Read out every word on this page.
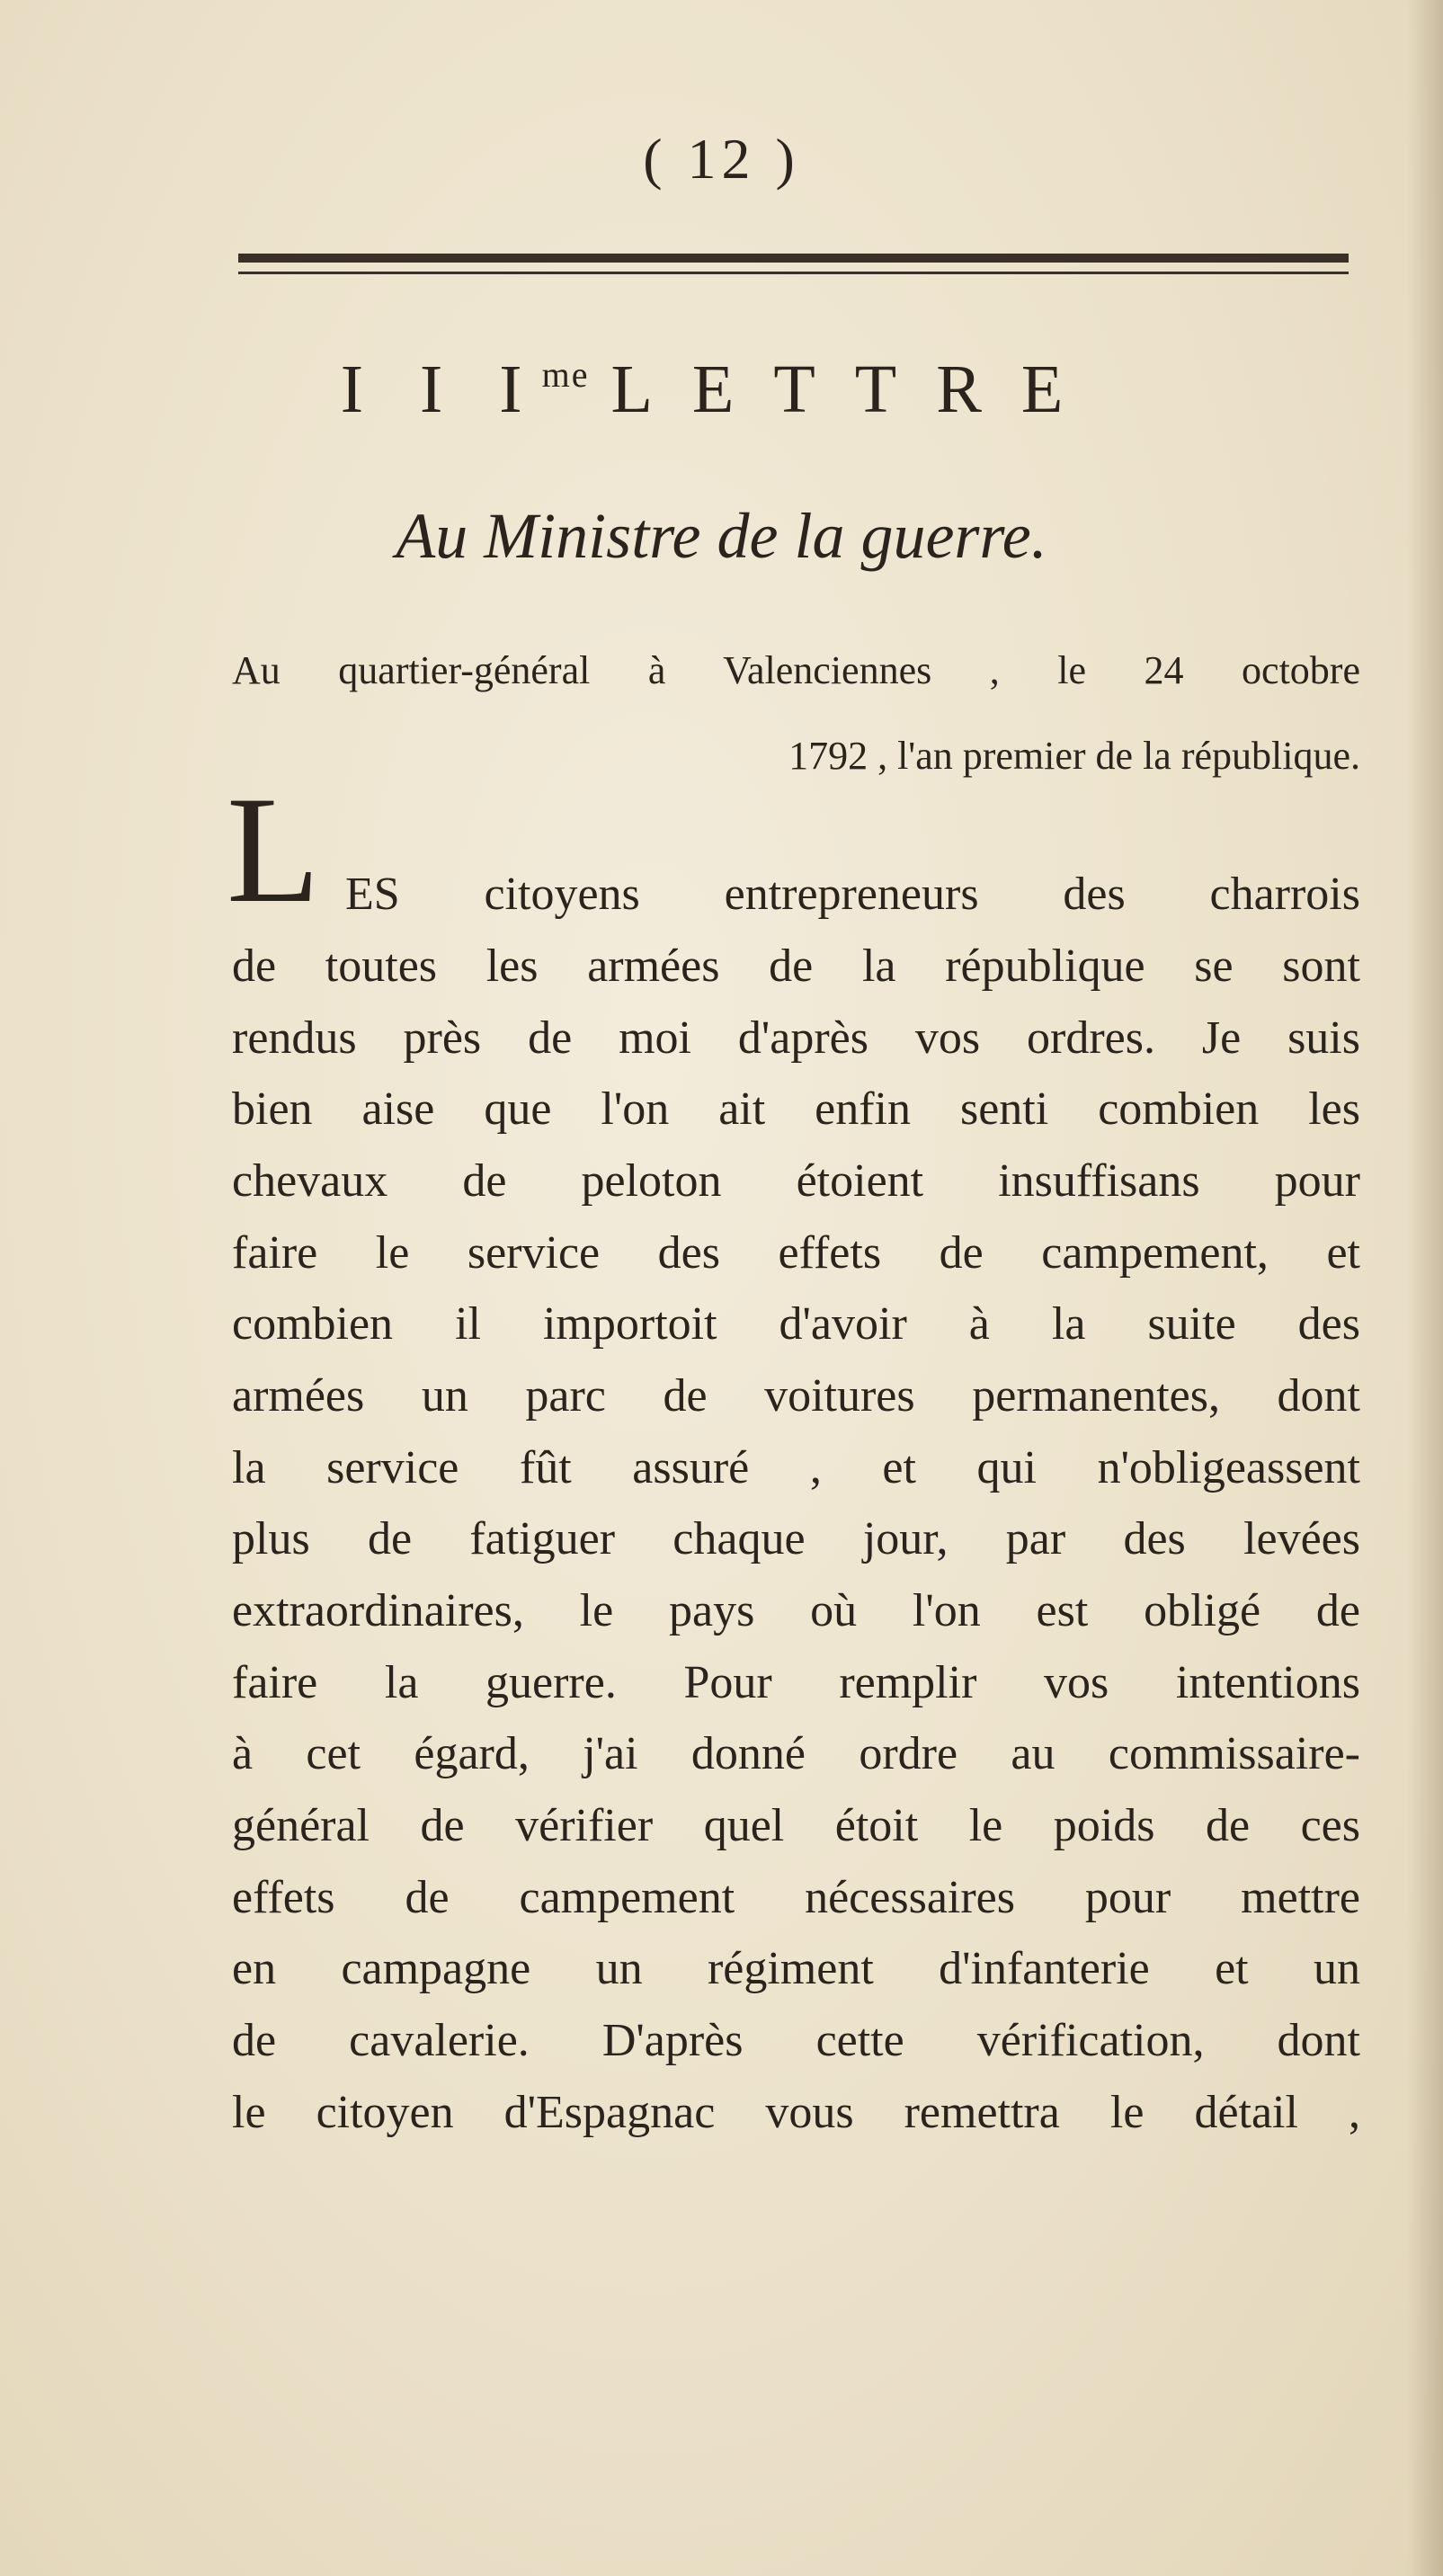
( 12 )
I I $I^{me}$ LETTRE
Au Ministre de la guerre.
Au quartier-général à Valenciennes , le 24 octobre
1792 , l'an premier de la république.
L ES citoyens entrepreneurs des charrois
de toutes les armées de la république se sont
rendus près de moi d'après vos ordres. Je suis
bien aise que l'on ait enfin senti combien les
chevaux de peloton étoient insuffisans pour
faire le service des effets de campement, et
combien il importoit d'avoir à la suite des
armées un parc de voitures permanentes, dont
la service fût assuré , et qui n'obligeassent
plus de fatiguer chaque jour, par des levées
extraordinaires, le pays où l'on est obligé de
faire la guerre. Pour remplir vos intentions
à cet égard, j'ai donné ordre au commissaire-
général de vérifier quel étoit le poids de ces
effets de campement nécessaires pour mettre
en campagne un régiment d'infanterie et un
de cavalerie. D'après cette vérification, dont
le citoyen d'Espagnac vous remettra le détail ,
